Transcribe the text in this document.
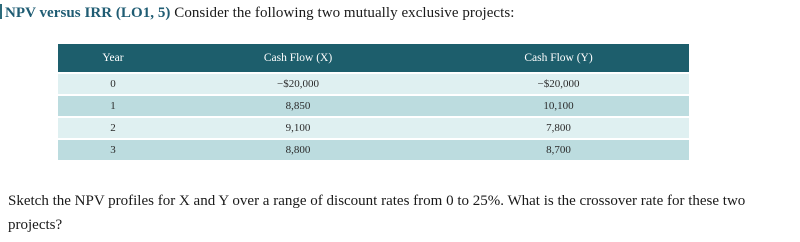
NPV versus IRR (LO1, 5) Consider the following two mutually exclusive projects:
Year	Cash Flow (X)	Cash Flow (Y)
0	−$20,000	−$20,000
1	8,850	10,100
2	9,100	7,800
3	8,800	8,700
Sketch the NPV profiles for X and Y over a range of discount rates from 0 to 25%. What is the crossover rate for these two projects?
